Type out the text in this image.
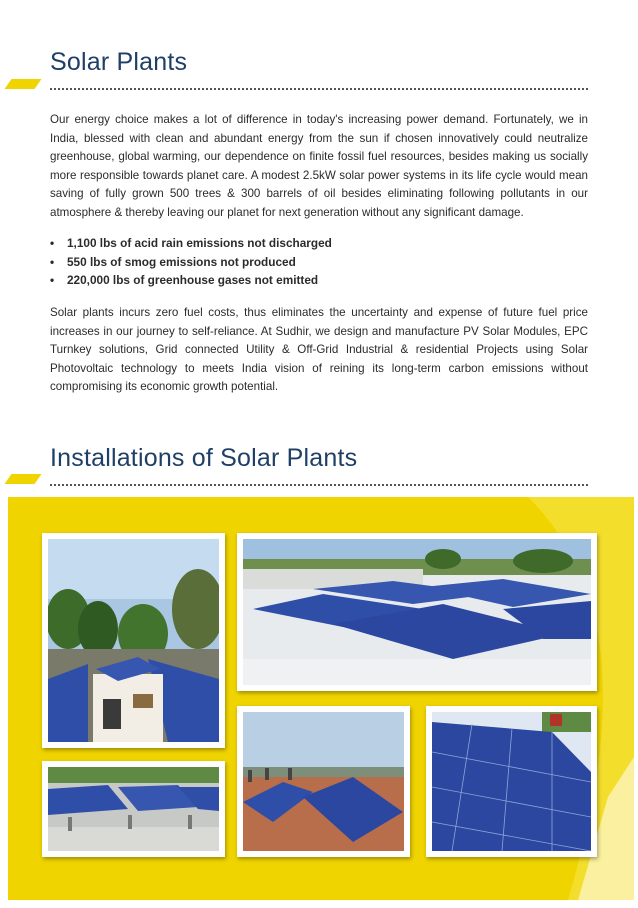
Solar Plants

Our energy choice makes a lot of difference in today's increasing power demand. Fortunately, we in India, blessed with clean and abundant energy from the sun if chosen innovatively could neutralize greenhouse, global warming, our dependence on finite fossil fuel resources, besides making us socially more responsible towards planet care. A modest 2.5kW solar power systems in its life cycle would mean saving of fully grown 500 trees & 300 barrels of oil besides eliminating following pollutants in our atmosphere & thereby leaving our planet for next generation without any significant damage.

• 1,100 lbs of acid rain emissions not discharged
• 550 lbs of smog emissions not produced
• 220,000 lbs of greenhouse gases not emitted

Solar plants incurs zero fuel costs, thus eliminates the uncertainty and expense of future fuel price increases in our journey to self-reliance. At Sudhir, we design and manufacture PV Solar Modules, EPC Turnkey solutions, Grid connected Utility & Off-Grid Industrial & residential Projects using Solar Photovoltaic technology to meets India vision of reining its long-term carbon emissions without compromising its economic growth potential.

Installations of Solar Plants
